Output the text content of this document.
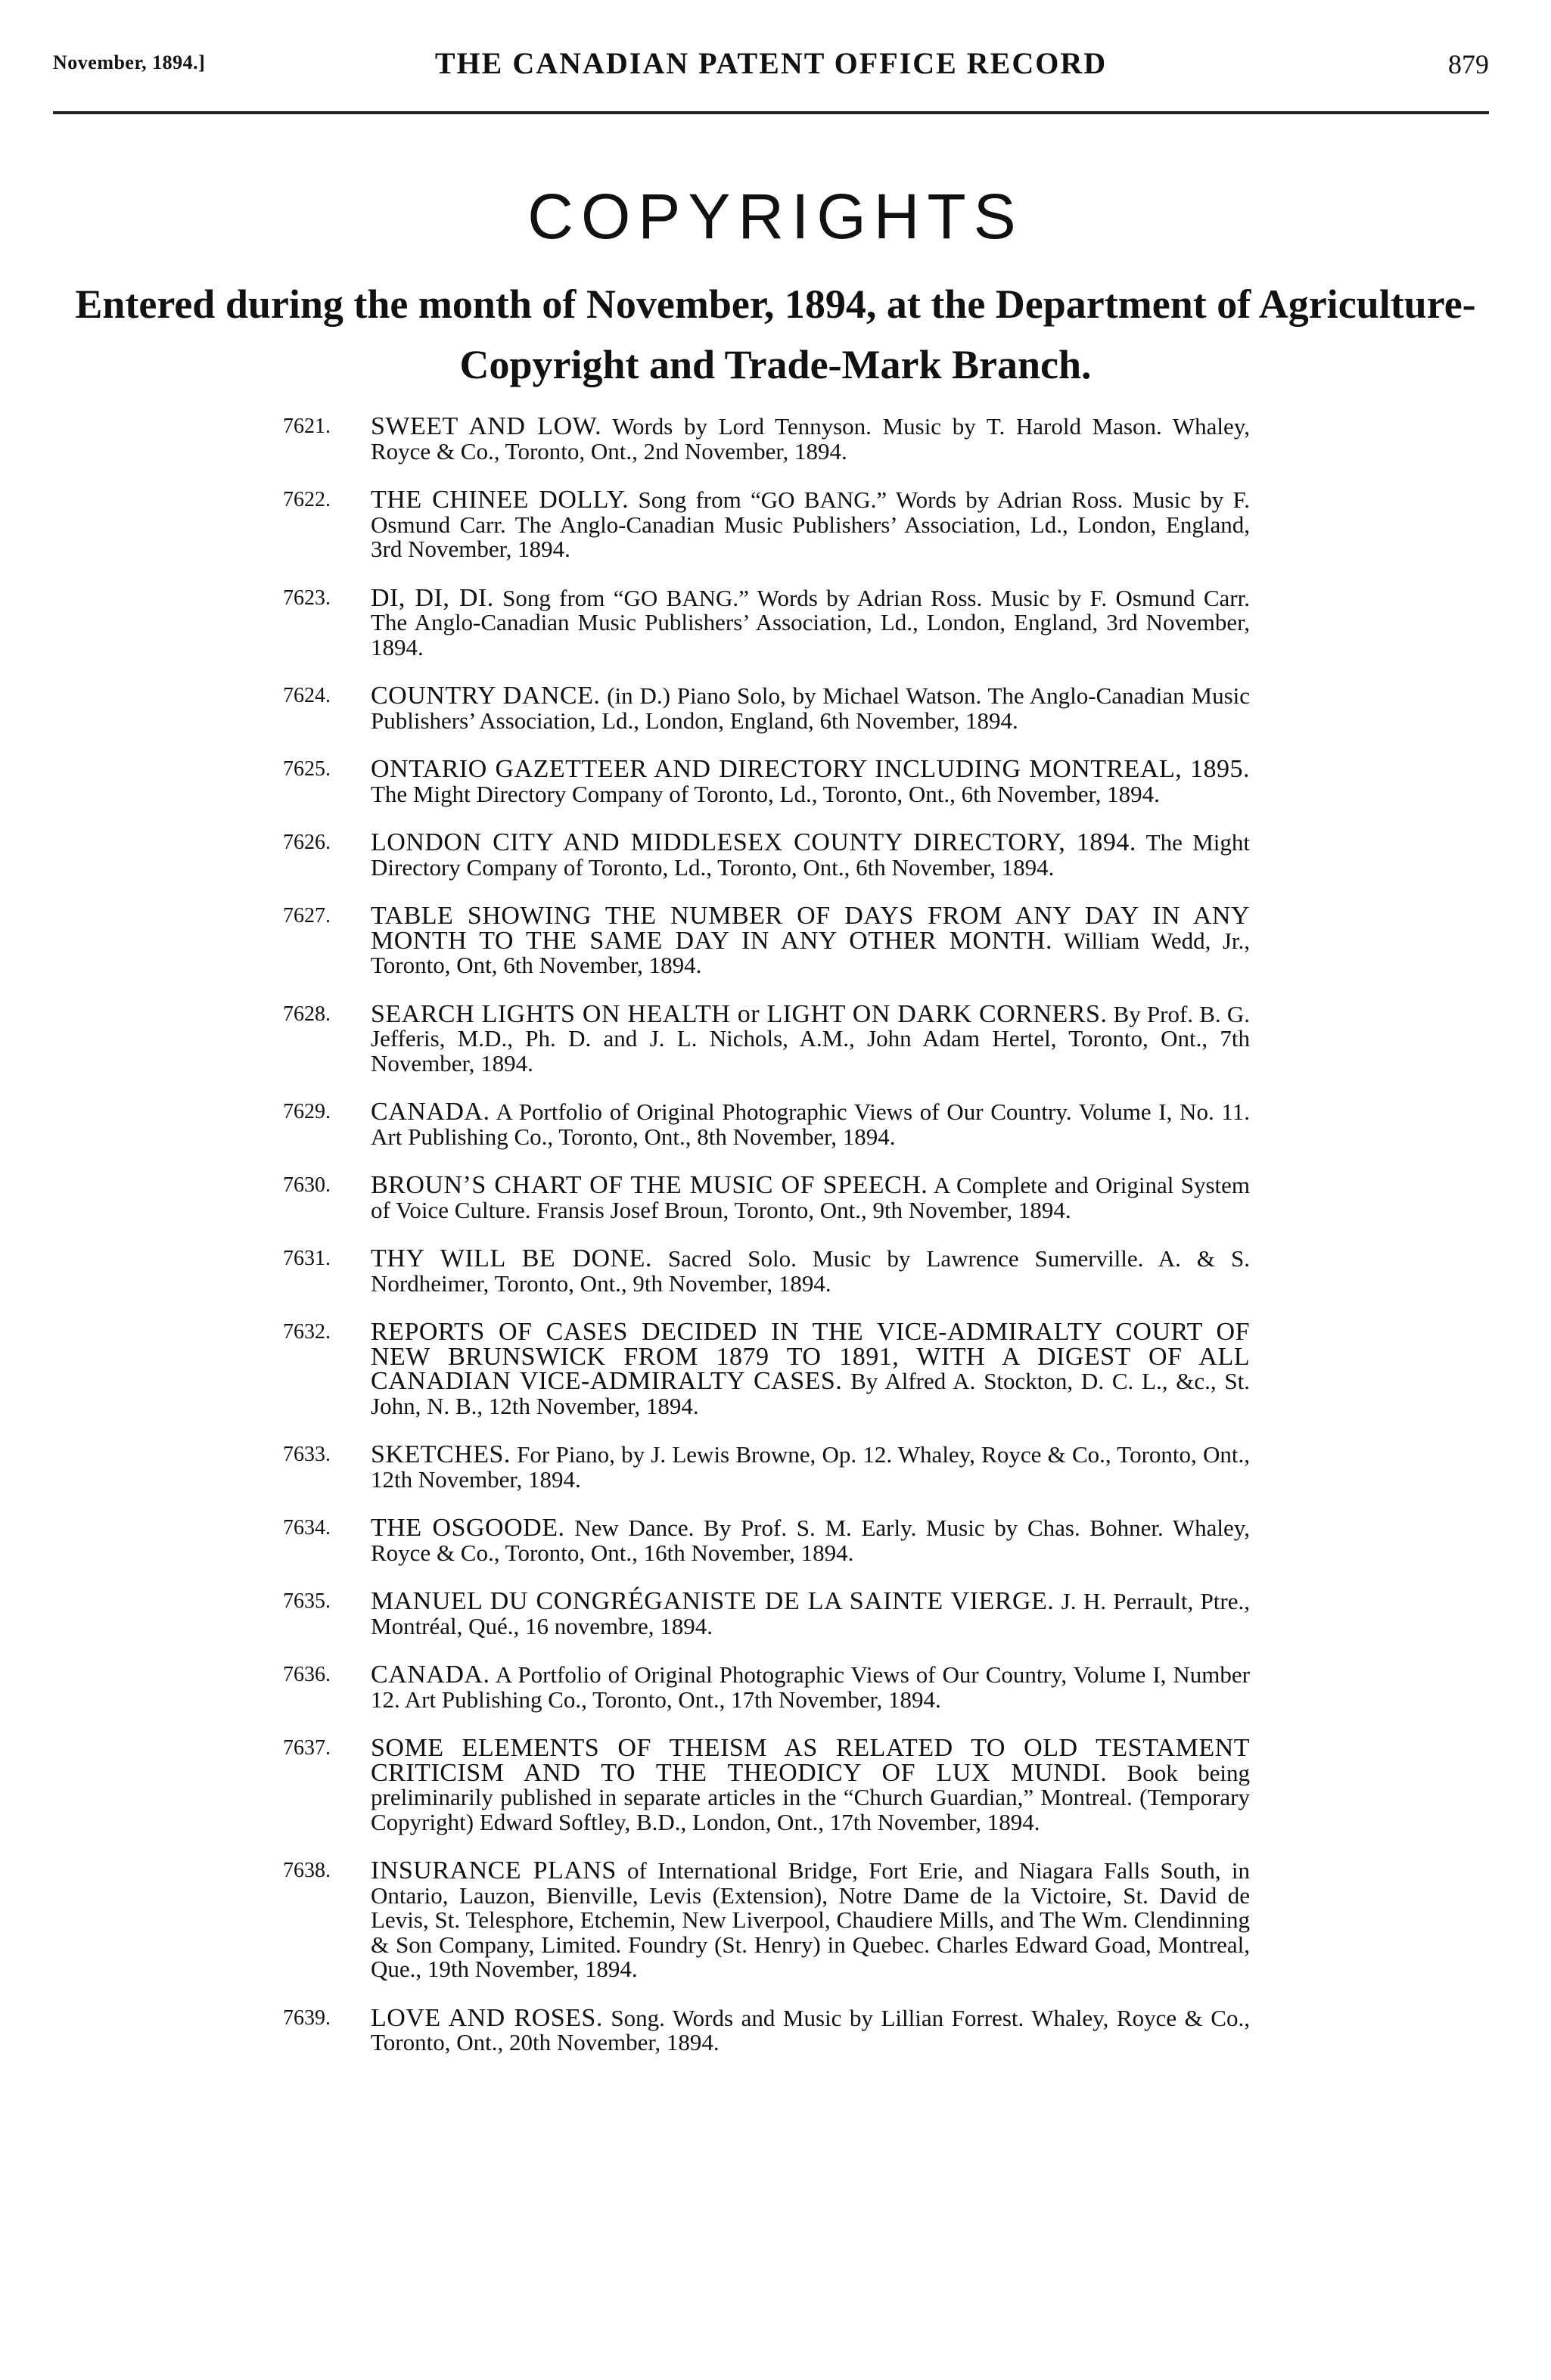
November, 1894.]	THE CANADIAN PATENT OFFICE RECORD	879
COPYRIGHTS
Entered during the month of November, 1894, at the Department of Agriculture-
Copyright and Trade-Mark Branch.
7621. SWEET AND LOW. Words by Lord Tennyson. Music by T. Harold Mason. Whaley, Royce & Co., Toronto, Ont., 2nd November, 1894.
7622. THE CHINEE DOLLY. Song from “GO BANG.” Words by Adrian Ross. Music by F. Osmund Carr. The Anglo-Canadian Music Publishers’ Association, Ld., London, England, 3rd November, 1894.
7623. DI, DI, DI. Song from “GO BANG.” Words by Adrian Ross. Music by F. Osmund Carr. The Anglo-Canadian Music Publishers’ Association, Ld., London, England, 3rd November, 1894.
7624. COUNTRY DANCE. (in D.) Piano Solo, by Michael Watson. The Anglo-Canadian Music Publishers’ Association, Ld., London, England, 6th November, 1894.
7625. ONTARIO GAZETTEER AND DIRECTORY INCLUDING MONTREAL, 1895. The Might Directory Company of Toronto, Ld., Toronto, Ont., 6th November, 1894.
7626. LONDON CITY AND MIDDLESEX COUNTY DIRECTORY, 1894. The Might Directory Company of Toronto, Ld., Toronto, Ont., 6th November, 1894.
7627. TABLE SHOWING THE NUMBER OF DAYS FROM ANY DAY IN ANY MONTH TO THE SAME DAY IN ANY OTHER MONTH. William Wedd, Jr., Toronto, Ont, 6th November, 1894.
7628. SEARCH LIGHTS ON HEALTH or LIGHT ON DARK CORNERS. By Prof. B. G. Jefferis, M.D., Ph. D. and J. L. Nichols, A.M., John Adam Hertel, Toronto, Ont., 7th November, 1894.
7629. CANADA. A Portfolio of Original Photographic Views of Our Country. Volume I, No. 11. Art Publishing Co., Toronto, Ont., 8th November, 1894.
7630. BROUN’S CHART OF THE MUSIC OF SPEECH. A Complete and Original System of Voice Culture. Fransis Josef Broun, Toronto, Ont., 9th November, 1894.
7631. THY WILL BE DONE. Sacred Solo. Music by Lawrence Sumerville. A. & S. Nordheimer, Toronto, Ont., 9th November, 1894.
7632. REPORTS OF CASES DECIDED IN THE VICE-ADMIRALTY COURT OF NEW BRUNSWICK FROM 1879 TO 1891, WITH A DIGEST OF ALL CANADIAN VICE-ADMIRALTY CASES. By Alfred A. Stockton, D. C. L., &c., St. John, N. B., 12th November, 1894.
7633. SKETCHES. For Piano, by J. Lewis Browne, Op. 12. Whaley, Royce & Co., Toronto, Ont., 12th November, 1894.
7634. THE OSGOODE. New Dance. By Prof. S. M. Early. Music by Chas. Bohner. Whaley, Royce & Co., Toronto, Ont., 16th November, 1894.
7635. MANUEL DU CONGRÉGANISTE DE LA SAINTE VIERGE. J. H. Perrault, Ptre., Montréal, Qué., 16 novembre, 1894.
7636. CANADA. A Portfolio of Original Photographic Views of Our Country, Volume I, Number 12. Art Publishing Co., Toronto, Ont., 17th November, 1894.
7637. SOME ELEMENTS OF THEISM AS RELATED TO OLD TESTAMENT CRITICISM AND TO THE THEODICY OF LUX MUNDI. Book being preliminarily published in separate articles in the “Church Guardian,” Montreal. (Temporary Copyright) Edward Softley, B.D., London, Ont., 17th November, 1894.
7638. INSURANCE PLANS of International Bridge, Fort Erie, and Niagara Falls South, in Ontario, Lauzon, Bienville, Levis (Extension), Notre Dame de la Victoire, St. David de Levis, St. Telesphore, Etchemin, New Liverpool, Chaudiere Mills, and The Wm. Clendinning & Son Company, Limited. Foundry (St. Henry) in Quebec. Charles Edward Goad, Montreal, Que., 19th November, 1894.
7639. LOVE AND ROSES. Song. Words and Music by Lillian Forrest. Whaley, Royce & Co., Toronto, Ont., 20th November, 1894.
